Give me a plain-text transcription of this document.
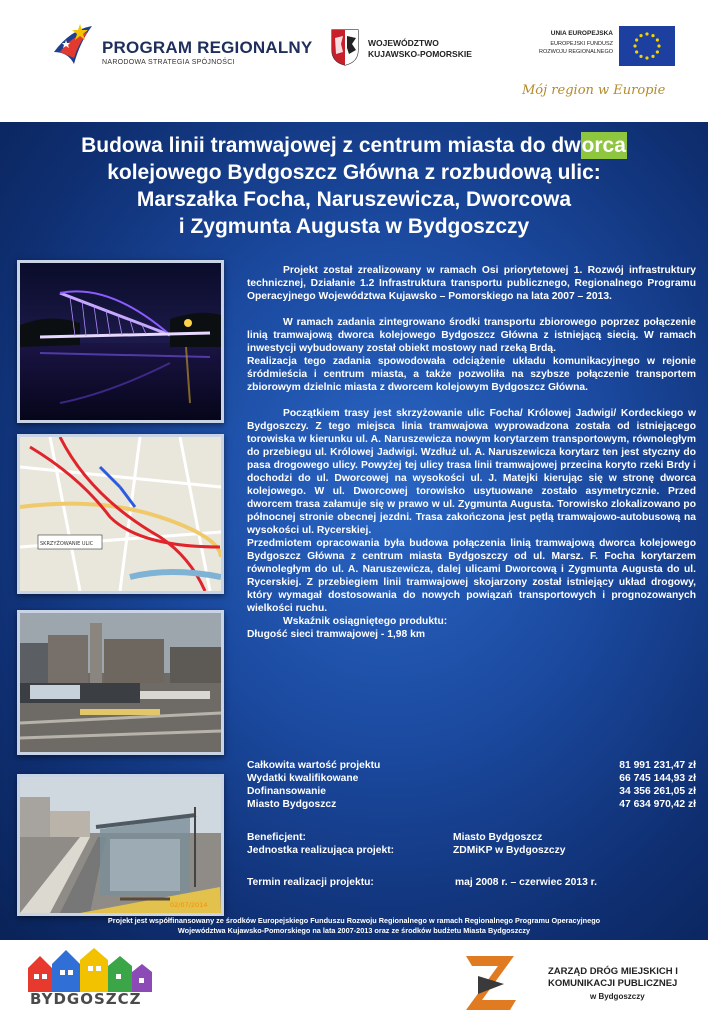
PROGRAM REGIONALNY
NARODOWA STRATEGIA SPÓJNOŚCI
WOJEWÓDZTWO
KUJAWSKO-POMORSKIE
UNIA EUROPEJSKA
EUROPEJSKI FUNDUSZ
ROZWOJU REGIONALNEGO
Mój region w Europie
Budowa linii tramwajowej z centrum miasta do dworca
kolejowego Bydgoszcz Główna z rozbudową ulic:
Marszałka Focha, Naruszewicza, Dworcowa
i Zygmunta Augusta w Bydgoszczy
SKRZYŻOWANIE ULIC
02/07/2014

Projekt został zrealizowany w ramach Osi priorytetowej 1. Rozwój infrastruktury technicznej, Działanie 1.2 Infrastruktura transportu publicznego, Regionalnego Programu Operacyjnego Województwa Kujawsko – Pomorskiego na lata 2007 – 2013.

W ramach zadania zintegrowano środki transportu zbiorowego poprzez połączenie linią tramwajową dworca kolejowego Bydgoszcz Główna z istniejącą siecią. W ramach inwestycji wybudowany został obiekt mostowy nad rzeką Brdą.

Realizacja tego zadania spowodowała odciążenie układu komunikacyjnego w rejonie śródmieścia i centrum miasta, a także pozwoliła na szybsze połączenie transportem zbiorowym dzielnic miasta z dworcem kolejowym Bydgoszcz Główna.

Początkiem trasy jest skrzyżowanie ulic Focha/ Królowej Jadwigi/ Kordeckiego w Bydgoszczy. Z tego miejsca linia tramwajowa wyprowadzona została od istniejącego torowiska w kierunku ul. A. Naruszewicza nowym korytarzem transportowym, równoległym do przebiegu ul. Królowej Jadwigi. Wzdłuż ul. A. Naruszewicza korytarz ten jest styczny do pasa drogowego ulicy. Powyżej tej ulicy trasa linii tramwajowej przecina koryto rzeki Brdy i dochodzi do ul. Dworcowej na wysokości ul. J. Matejki kierując się w stronę dworca kolejowego. W ul. Dworcowej torowisko usytuowane zostało asymetrycznie. Przed dworcem trasa załamuje się w prawo w ul. Zygmunta Augusta. Torowisko zlokalizowano po północnej stronie obecnej jezdni. Trasa zakończona jest pętlą tramwajowo-autobusową na wysokości ul. Rycerskiej.

Przedmiotem opracowania była budowa połączenia linią tramwajową dworca kolejowego Bydgoszcz Główna z centrum miasta Bydgoszczy od ul. Marsz. F. Focha korytarzem równoległym do ul. A. Naruszewicza, dalej ulicami Dworcową i Zygmunta Augusta do ul. Rycerskiej. Z przebiegiem linii tramwajowej skojarzony został istniejący układ drogowy, który wymagał dostosowania do nowych powiązań transportowych i prognozowanych wielkości ruchu.

Wskaźnik osiągniętego produktu:

Długość sieci tramwajowej - 1,98 km

Całkowita wartość projektu	81 991 231,47 zł
Wydatki kwalifikowane	66 745 144,93 zł
Dofinansowanie	34 356 261,05 zł
Miasto Bydgoszcz	47 634 970,42 zł
Beneficjent:	Miasto Bydgoszcz
Jednostka realizująca projekt:	ZDMiKP w Bydgoszczy
Termin realizacji projektu:	maj 2008 r. – czerwiec 2013 r.
Projekt jest współfinansowany ze środków Europejskiego Funduszu Rozwoju Regionalnego w ramach Regionalnego Programu Operacyjnego
Województwa Kujawsko-Pomorskiego na lata 2007-2013 oraz ze środków budżetu Miasta Bydgoszczy
BYDGOSZCZ
ZARZĄD DRÓG MIEJSKICH I
KOMUNIKACJI PUBLICZNEJ
w Bydgoszczy
